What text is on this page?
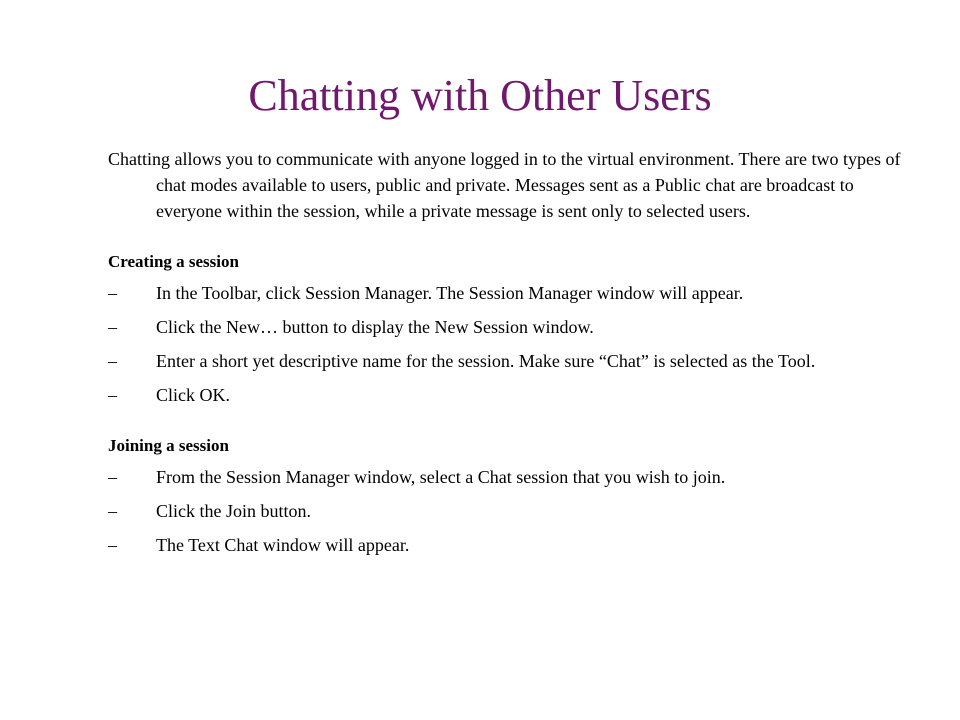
Chatting with Other Users

Chatting allows you to communicate with anyone logged in to the virtual environment. There are two types of chat modes available to users, public and private. Messages sent as a Public chat are broadcast to everyone within the session, while a private message is sent only to selected users.

Creating a session

–	In the Toolbar, click Session Manager. The Session Manager window will appear.
–	Click the New… button to display the New Session window.
–	Enter a short yet descriptive name for the session. Make sure “Chat” is selected as the Tool.
–	Click OK.

Joining a session

–	From the Session Manager window, select a Chat session that you wish to join.
–	Click the Join button.
–	The Text Chat window will appear.
